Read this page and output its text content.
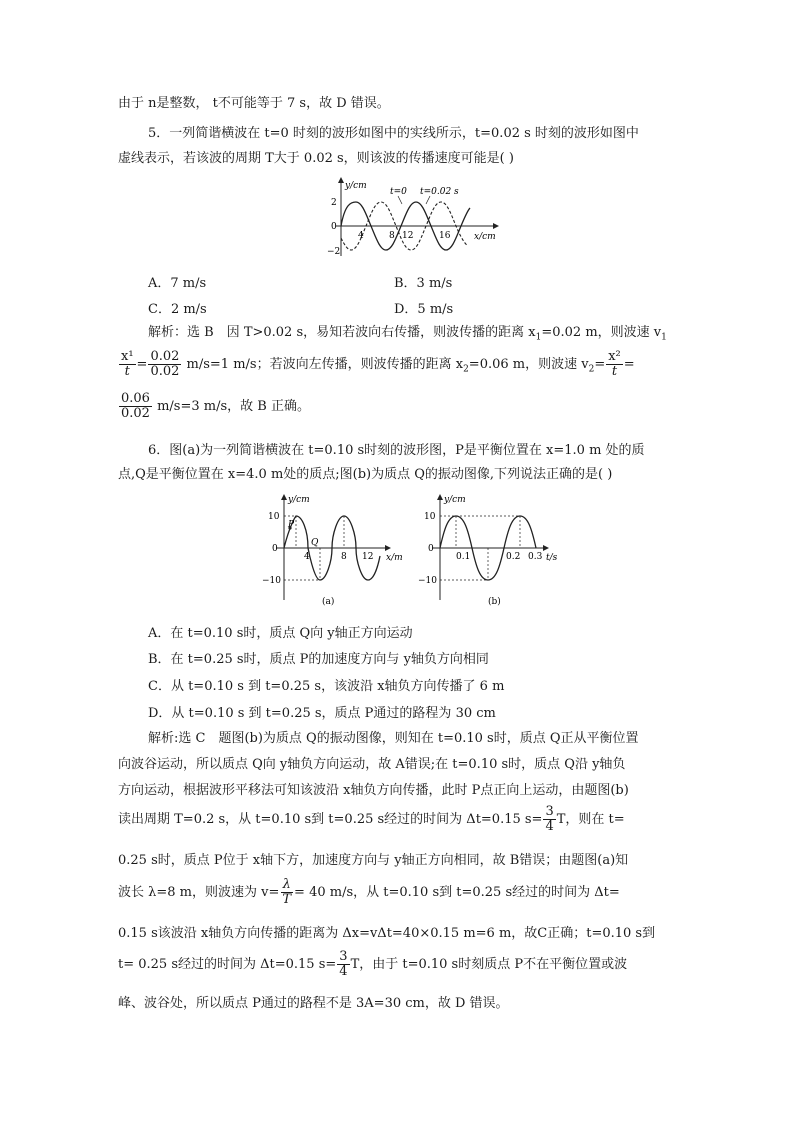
由于 n是整数， t不可能等于 7 s，故 D 错误。
5．一列简谐横波在 t=0 时刻的波形如图中的实线所示，t=0.02 s 时刻的波形如图中
虚线表示，若该波的周期 T大于 0.02 s，则该波的传播速度可能是( )
y/cm
x/cm
2
0
−2
4	8 12	16
t=0 t=0.02 s
A．7 m/s	B．3 m/s
C．2 m/s	D．5 m/s
解析：选 B　因 T>0.02 s，易知若波向右传播，则波传播的距离 $x_1=0.02$ m，则波速 $v_1$
$\frac{\text{x¹}}{t} = \frac{0.02}{0.02} m/s=1$ m/s；若波向左传播，则波传播的距离 $x_2=0.06$ m，则波速 $v_2= \frac{\text{x²}}{t}$ =
$\frac{0.06}{0.02} m/s=3$ m/s，故 B 正确。
6．图(a)为一列简谐横波在 t=0.10 s时刻的波形图，P是平衡位置在 x=1.0 m 处的质
点,Q是平衡位置在 x=4.0 m处的质点;图(b)为质点 Q的振动图像,下列说法正确的是( )
P
Q
y/cm
x/m
10
0
−10
4	8 12
(a)
y/cm
t/s
10
0
−10
0.1	0.2 0.3
(b)
A．在 t=0.10 s时，质点 Q向 y轴正方向运动
B．在 t=0.25 s时，质点 P的加速度方向与 y轴负方向相同
C．从 t=0.10 s 到 t=0.25 s，该波沿 x轴负方向传播了 6 m
D．从 t=0.10 s 到 t=0.25 s，质点 P通过的路程为 30 cm
解析:选 C　题图(b)为质点 Q的振动图像，则知在 t=0.10 s时，质点 Q正从平衡位置
向波谷运动，所以质点 Q向 y轴负方向运动，故 A错误;在 t=0.10 s时，质点 Q沿 y轴负
方向运动，根据波形平移法可知该波沿 x轴负方向传播，此时 P点正向上运动，由题图(b)
读出周期 T=0.2 s，从 t=0.10 s到 t=0.25 s经过的时间为 Δt=0.15 $s= \frac{3}{4}$ T，则在 t=
0.25 s时，质点 P位于 x轴下方，加速度方向与 y轴正方向相同，故 B错误；由题图(a)知
波长 λ=8 m，则波速为 $v= \frac{\lambda}{T} = 40$ m/s，从 t=0.10 s到 t=0.25 s经过的时间为 Δt=
0.15 s该波沿 x轴负方向传播的距离为 Δx=vΔt=40×0.15 m=6 m，故C正确；t=0.10 s到
t= 0.25 s经过的时间为 Δt=0.15 $s= \frac{3}{4}$ T，由于 t=0.10 s时刻质点 P不在平衡位置或波
峰、波谷处，所以质点 P通过的路程不是 3A=30 cm，故 D 错误。
